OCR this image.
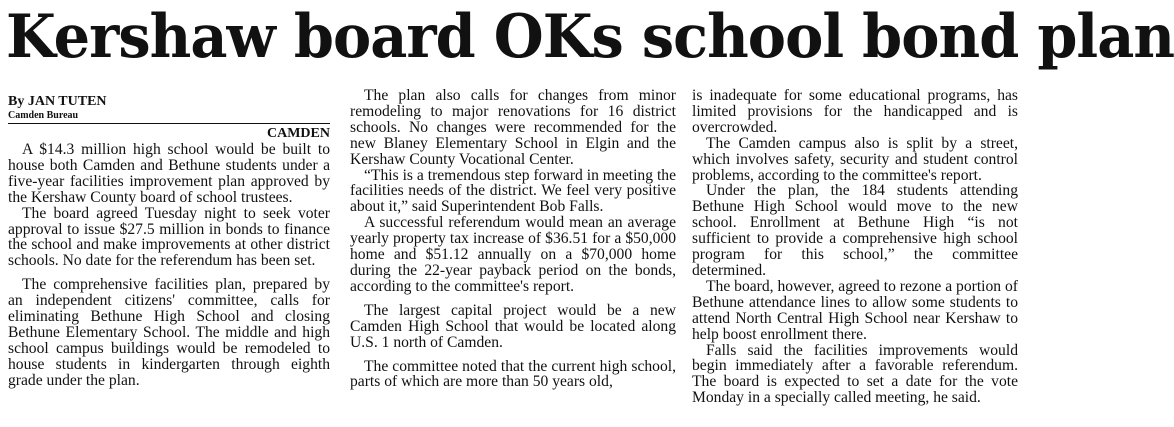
Kershaw board OKs school bond plan
By JAN TUTEN
Camden Bureau
CAMDEN

A $14.3 million high school would be built to house both Camden and Bethune students under a five-year facilities improvement plan approved by the Kershaw County board of school trustees.

The board agreed Tuesday night to seek voter approval to issue $27.5 million in bonds to finance the school and make improvements at other district schools. No date for the referendum has been set.

The comprehensive facilities plan, prepared by an independent citizens' committee, calls for eliminating Bethune High School and closing Bethune Elementary School. The middle and high school campus buildings would be remodeled to house students in kindergarten through eighth grade under the plan.

The plan also calls for changes from minor remodeling to major renovations for 16 district schools. No changes were recommended for the new Blaney Elementary School in Elgin and the Kershaw County Vocational Center.

“This is a tremendous step forward in meeting the facilities needs of the district. We feel very positive about it,” said Superintendent Bob Falls.

A successful referendum would mean an average yearly property tax increase of $36.51 for a $50,000 home and $51.12 annually on a $70,000 home during the 22-year payback period on the bonds, according to the committee's report.

The largest capital project would be a new Camden High School that would be located along U.S. 1 north of Camden.

The committee noted that the current high school, parts of which are more than 50 years old,

is inadequate for some educational programs, has limited provisions for the handicapped and is overcrowded.

The Camden campus also is split by a street, which involves safety, security and student control problems, according to the committee's report.

Under the plan, the 184 students attending Bethune High School would move to the new school. Enrollment at Bethune High “is not sufficient to provide a comprehensive high school program for this school,” the committee determined.

The board, however, agreed to rezone a portion of Bethune attendance lines to allow some students to attend North Central High School near Kershaw to help boost enrollment there.

Falls said the facilities improvements would begin immediately after a favorable referendum. The board is expected to set a date for the vote Monday in a specially called meeting, he said.
